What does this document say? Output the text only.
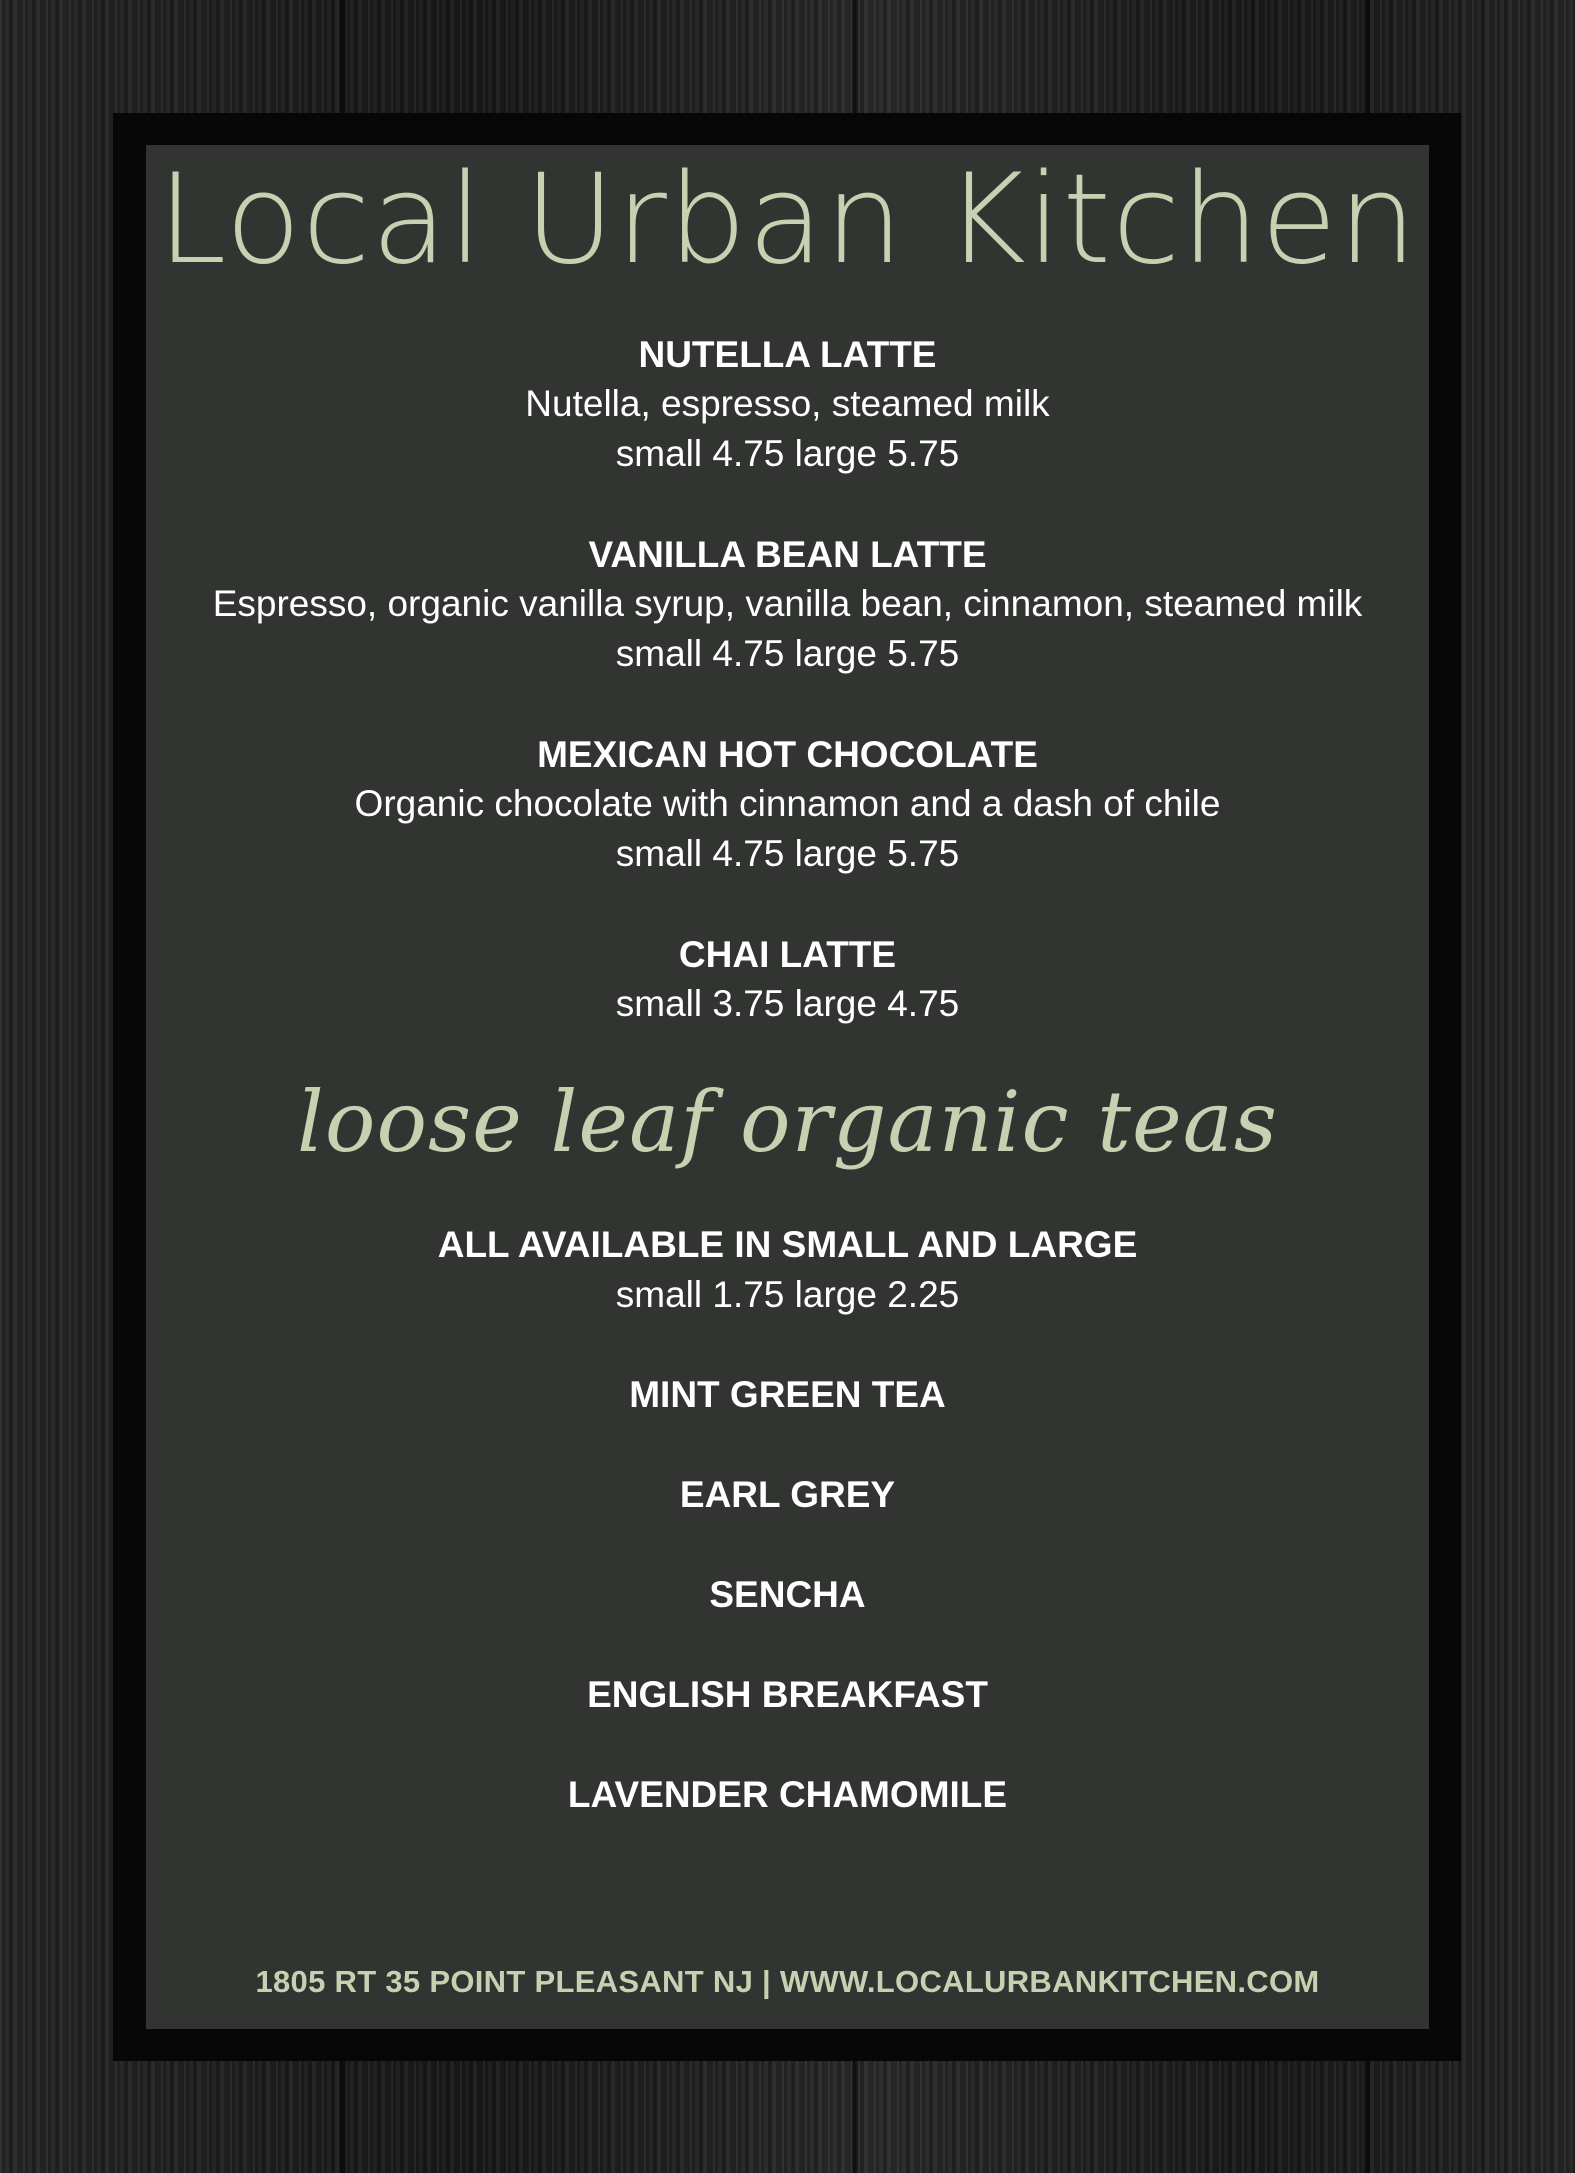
Local Urban Kitchen
NUTELLA LATTE
Nutella, espresso, steamed milk
small 4.75 large 5.75
VANILLA BEAN LATTE
Espresso, organic vanilla syrup, vanilla bean, cinnamon, steamed milk
small 4.75 large 5.75
MEXICAN HOT CHOCOLATE
Organic chocolate with cinnamon and a dash of chile
small 4.75 large 5.75
CHAI LATTE
small 3.75 large 4.75
loose leaf organic teas
ALL AVAILABLE IN SMALL AND LARGE
small 1.75 large 2.25
MINT GREEN TEA
EARL GREY
SENCHA
ENGLISH BREAKFAST
LAVENDER CHAMOMILE
1805 RT 35 POINT PLEASANT NJ | WWW.LOCALURBANKITCHEN.COM
